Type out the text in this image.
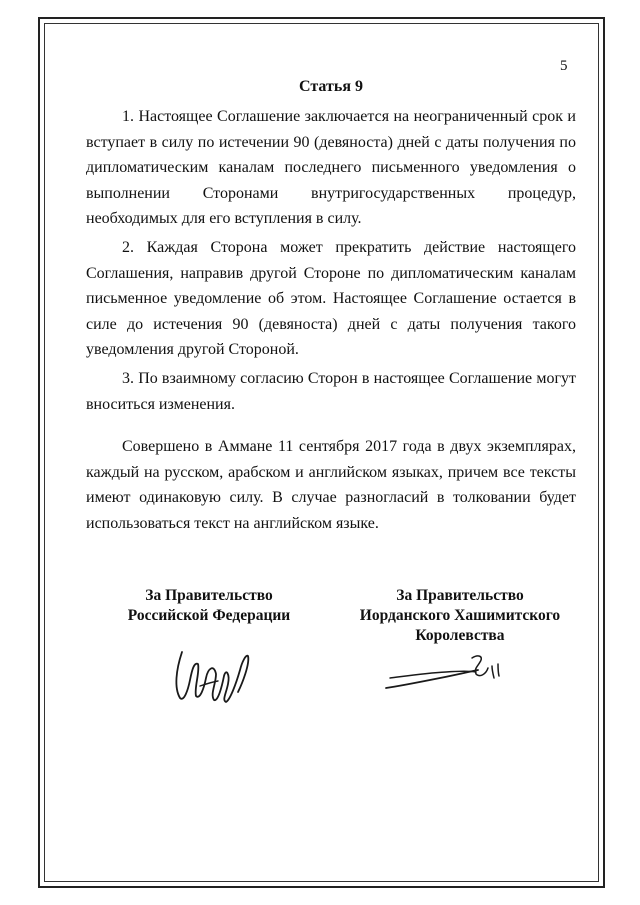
5
Статья 9

1. Настоящее Соглашение заключается на неограниченный срок и вступает в силу по истечении 90 (девяноста) дней с даты получения по дипломатическим каналам последнего письменного уведомления о выполнении Сторонами внутригосударственных процедур, необходимых для его вступления в силу.

2. Каждая Сторона может прекратить действие настоящего Соглашения, направив другой Стороне по дипломатическим каналам письменное уведомление об этом. Настоящее Соглашение остается в силе до истечения 90 (девяноста) дней с даты получения такого уведомления другой Стороной.

3. По взаимному согласию Сторон в настоящее Соглашение могут вноситься изменения.

Совершено в Аммане 11 сентября 2017 года в двух экземплярах, каждый на русском, арабском и английском языках, причем все тексты имеют одинаковую силу. В случае разногласий в толковании будет использоваться текст на английском языке.

За Правительство
Российской Федерации
За Правительство
Иорданского Хашимитского
Королевства
